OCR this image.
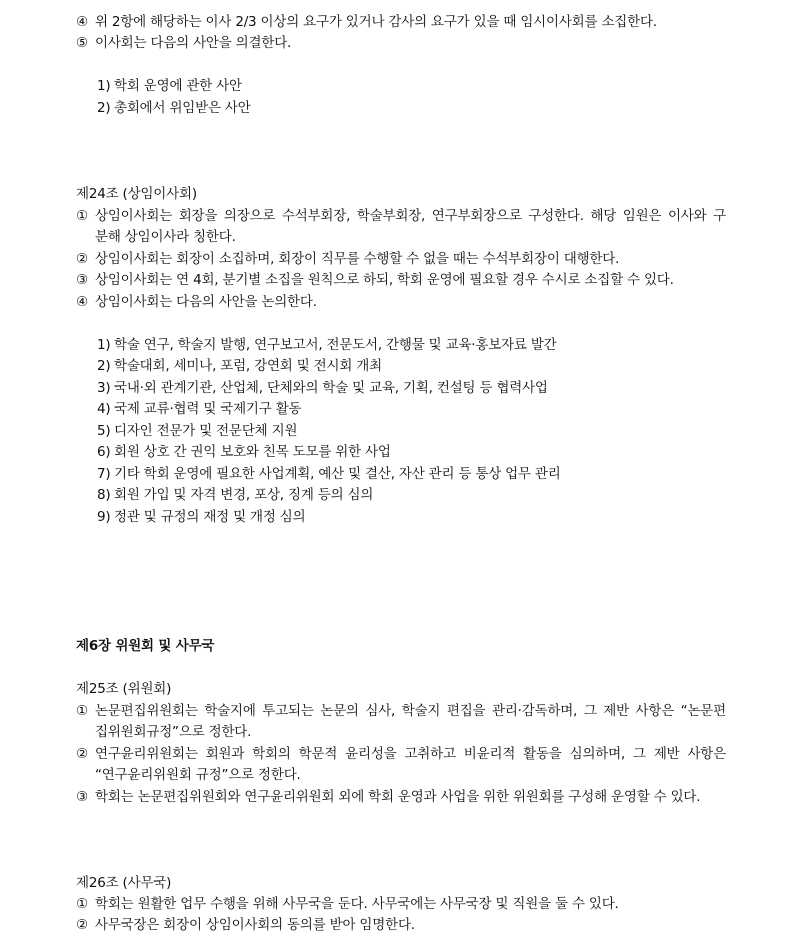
④ 위 2항에 해당하는 이사 2/3 이상의 요구가 있거나 감사의 요구가 있을 때 임시이사회를 소집한다.
⑤ 이사회는 다음의 사안을 의결한다.
1) 학회 운영에 관한 사안
2) 총회에서 위임받은 사안
제24조 (상임이사회)
① 상임이사회는 회장을 의장으로 수석부회장, 학술부회장, 연구부회장으로 구성한다. 해당 임원은 이사와 구
분해 상임이사라 칭한다.
② 상임이사회는 회장이 소집하며, 회장이 직무를 수행할 수 없을 때는 수석부회장이 대행한다.
③ 상임이사회는 연 4회, 분기별 소집을 원칙으로 하되, 학회 운영에 필요할 경우 수시로 소집할 수 있다.
④ 상임이사회는 다음의 사안을 논의한다.
1) 학술 연구, 학술지 발행, 연구보고서, 전문도서, 간행물 및 교육·홍보자료 발간
2) 학술대회, 세미나, 포럼, 강연회 및 전시회 개최
3) 국내·외 관계기관, 산업체, 단체와의 학술 및 교육, 기획, 컨설팅 등 협력사업
4) 국제 교류·협력 및 국제기구 활동
5) 디자인 전문가 및 전문단체 지원
6) 회원 상호 간 권익 보호와 친목 도모를 위한 사업
7) 기타 학회 운영에 필요한 사업계획, 예산 및 결산, 자산 관리 등 통상 업무 관리
8) 회원 가입 및 자격 변경, 포상, 징계 등의 심의
9) 정관 및 규정의 재정 및 개정 심의
제6장 위원회 및 사무국
제25조 (위원회)
① 논문편집위원회는 학술지에 투고되는 논문의 심사, 학술지 편집을 관리·감독하며, 그 제반 사항은 “논문편
집위원회규정”으로 정한다.
② 연구윤리위원회는 회원과 학회의 학문적 윤리성을 고취하고 비윤리적 활동을 심의하며, 그 제반 사항은
“연구윤리위원회 규정”으로 정한다.
③ 학회는 논문편집위원회와 연구윤리위원회 외에 학회 운영과 사업을 위한 위원회를 구성해 운영할 수 있다.
제26조 (사무국)
① 학회는 원활한 업무 수행을 위해 사무국을 둔다. 사무국에는 사무국장 및 직원을 둘 수 있다.
② 사무국장은 회장이 상임이사회의 동의를 받아 임명한다.
